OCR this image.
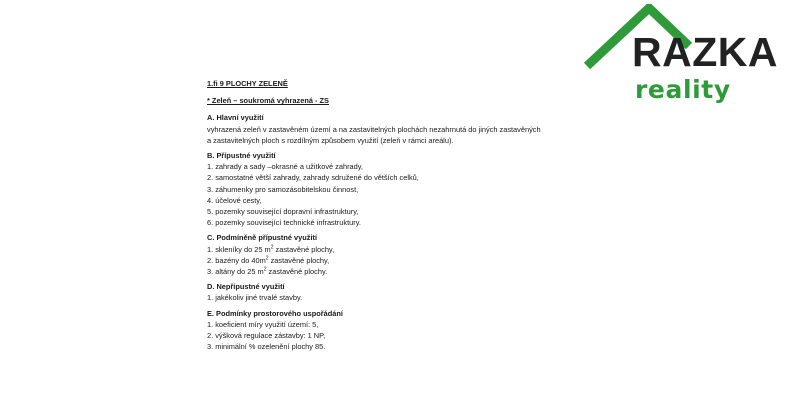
RAZKA
reality
1.fi 9 PLOCHY ZELENĚ
* Zeleň – soukromá vyhrazená - ZS
A. Hlavní využití
vyhrazená zeleň v zastavěném území a na zastavitelných plochách nezahrnutá do jiných zastavěných
a zastavitelných ploch s rozdílným způsobem využití (zeleň v rámci areálu).
B. Přípustné využití
1. zahrady a sady –okrasné a užitkové zahrady,
2. samostatné větší zahrady, zahrady sdružené do větších celků,
3. záhumenky pro samozásobitelskou činnost,
4. účelové cesty,
5. pozemky související dopravní infrastruktury,
6. pozemky související technické infrastruktury.
C. Podmíněně přípustné využití
1. skleníky do 25 $m^2$ zastavěné plochy,
2. bazény do $40m^2$ zastavěné plochy,
3. altány do 25 $m^2$ zastavěné plochy.
D. Nepřípustné využití
1. jakékoliv jiné trvalé stavby.
E. Podmínky prostorového uspořádání
1. koeficient míry využití území: 5,
2. výšková regulace zástavby: 1 NP,
3. minimální % ozelenění plochy 85.
